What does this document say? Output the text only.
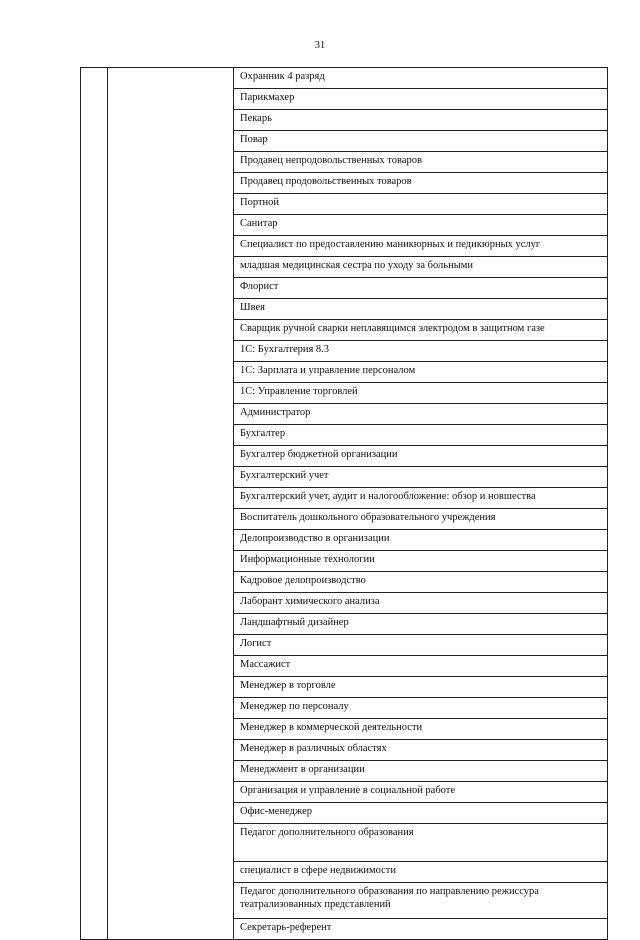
31

Охранник 4 разряд

Парикмахер

Пекарь

Повар

Продавец непродовольственных товаров

Продавец продовольственных товаров

Портной

Санитар

Специалист по предоставлению маникюрных и педикюрных услуг

младшая медицинская сестра по уходу за больными

Флорист

Швея

Сварщик ручной сварки неплавящимся электродом в защитном газе

1С: Бухгалтерия 8.3

1С: Зарплата и управление персоналом

1С: Управление торговлей

Администратор

Бухгалтер

Бухгалтер бюджетной организации

Бухгалтерский учет

Бухгалтерский учет, аудит и налогообложение: обзор и новшества

Воспитатель дошкольного образовательного учреждения

Делопроизводство в организации

Информационные технологии

Кадровое делопроизводство

Лаборант химического анализа

Ландшафтный дизайнер

Логист

Массажист

Менеджер в торговле

Менеджер по персоналу

Менеджер в коммерческой деятельности

Менеджер в различных областях

Менеджмент в организации

Организация и управление в социальной работе

Офис-менеджер

Педагог дополнительного образования

специалист в сфере недвижимости

Педагог дополнительного образования по направлению режиссура театрализованных представлений

Секретарь-референт
